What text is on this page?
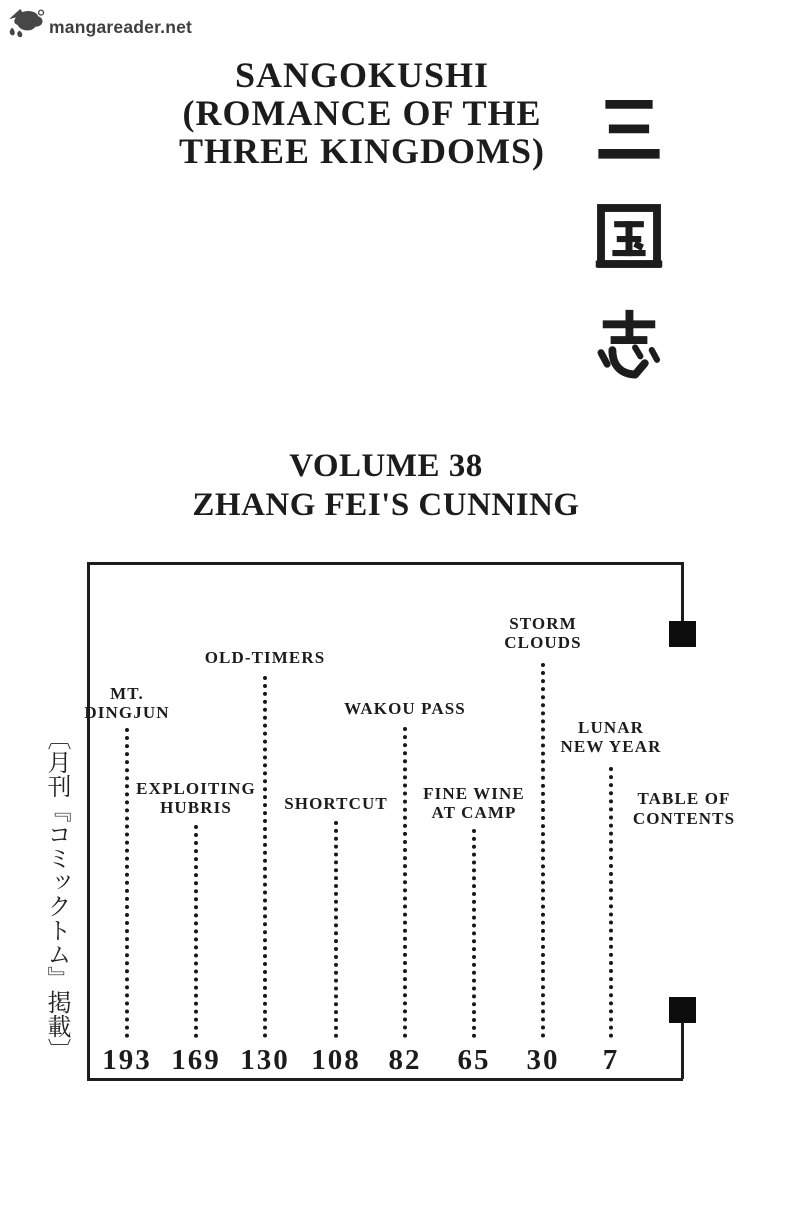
mangareader.net
SANGOKUSHI
(ROMANCE OF THE
THREE KINGDOMS)
VOLUME 38
ZHANG FEI'S CUNNING
〔月刊『コミックトム』掲載〕	TABLE OF
CONTENTS
MT.
DINGJUN
193
EXPLOITING
HUBRIS
169
OLD-TIMERS
130
SHORTCUT
108
WAKOU PASS
82
FINE WINE
AT CAMP
65
STORM
CLOUDS
30
LUNAR
NEW YEAR
7
